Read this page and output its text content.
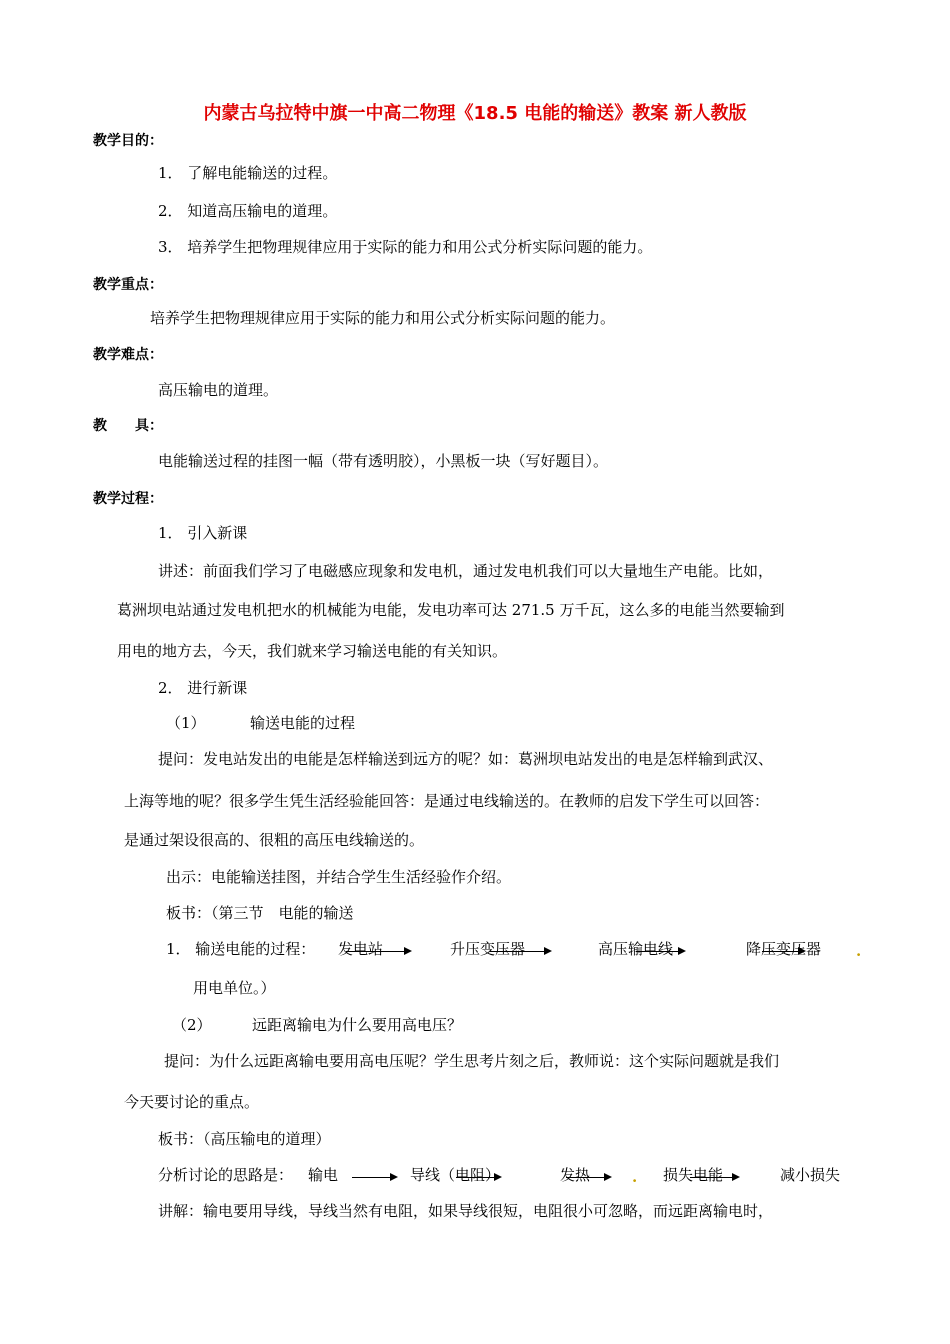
内蒙古乌拉特中旗一中高二物理《18.5 电能的输送》教案 新人教版
教学目的：
1． 了解电能输送的过程。
2． 知道高压输电的道理。
3． 培养学生把物理规律应用于实际的能力和用公式分析实际问题的能力。
教学重点：
培养学生把物理规律应用于实际的能力和用公式分析实际问题的能力。
教学难点：
高压输电的道理。
教　　具：
电能输送过程的挂图一幅（带有透明胶），小黑板一块（写好题目）。
教学过程：
1． 引入新课
讲述：前面我们学习了电磁感应现象和发电机，通过发电机我们可以大量地生产电能。比如，
葛洲坝电站通过发电机把水的机械能为电能，发电功率可达 271.5 万千瓦，这么多的电能当然要输到
用电的地方去，今天，我们就来学习输送电能的有关知识。
2． 进行新课
（1）	输送电能的过程
提问：发电站发出的电能是怎样输送到远方的呢？如：葛洲坝电站发出的电是怎样输到武汉、
上海等地的呢？很多学生凭生活经验能回答：是通过电线输送的。在教师的启发下学生可以回答：
是通过架设很高的、很粗的高压电线输送的。
出示：电能输送挂图，并结合学生生活经验作介绍。
板书：（第三节　电能的输送
1． 输送电能的过程： 发电站	升压变压器	高压输电线	降压变压器 .
用电单位。）
（2）	远距离输电为什么要用高电压？
提问：为什么远距离输电要用高电压呢？学生思考片刻之后，教师说：这个实际问题就是我们
今天要讨论的重点。
板书：（高压输电的道理）
分析讨论的思路是： 输电	导线（电阻）	发热	. 损失电能	减小损失
讲解：输电要用导线，导线当然有电阻，如果导线很短，电阻很小可忽略，而远距离输电时，
